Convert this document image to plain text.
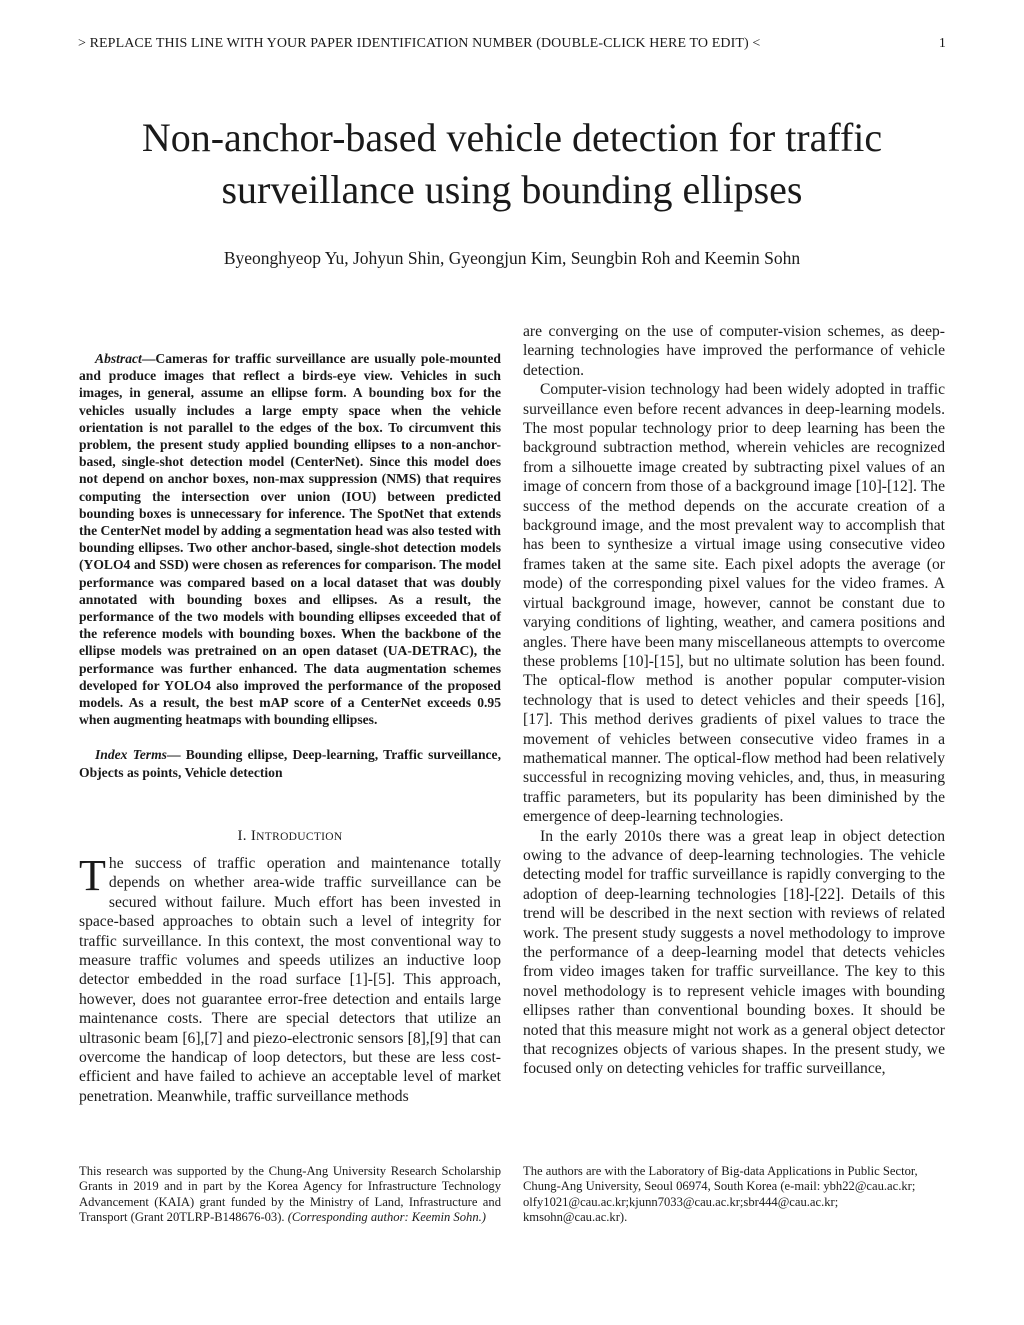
> REPLACE THIS LINE WITH YOUR PAPER IDENTIFICATION NUMBER (DOUBLE-CLICK HERE TO EDIT) <	1
Non-anchor-based vehicle detection for traffic
surveillance using bounding ellipses
Byeonghyeop Yu, Johyun Shin, Gyeongjun Kim, Seungbin Roh and Keemin Sohn

Abstract—Cameras for traffic surveillance are usually pole-mounted and produce images that reflect a birds-eye view. Vehicles in such images, in general, assume an ellipse form. A bounding box for the vehicles usually includes a large empty space when the vehicle orientation is not parallel to the edges of the box. To circumvent this problem, the present study applied bounding ellipses to a non-anchor-based, single-shot detection model (CenterNet). Since this model does not depend on anchor boxes, non-max suppression (NMS) that requires computing the intersection over union (IOU) between predicted bounding boxes is unnecessary for inference. The SpotNet that extends the CenterNet model by adding a segmentation head was also tested with bounding ellipses. Two other anchor-based, single-shot detection models (YOLO4 and SSD) were chosen as references for comparison. The model performance was compared based on a local dataset that was doubly annotated with bounding boxes and ellipses. As a result, the performance of the two models with bounding ellipses exceeded that of the reference models with bounding boxes. When the backbone of the ellipse models was pretrained on an open dataset (UA-DETRAC), the performance was further enhanced. The data augmentation schemes developed for YOLO4 also improved the performance of the proposed models. As a result, the best mAP score of a CenterNet exceeds 0.95 when augmenting heatmaps with bounding ellipses.

Index Terms— Bounding ellipse, Deep-learning, Traffic surveillance, Objects as points, Vehicle detection

I. INTRODUCTION

The success of traffic operation and maintenance totally depends on whether area-wide traffic surveillance can be secured without failure. Much effort has been invested in space-based approaches to obtain such a level of integrity for traffic surveillance. In this context, the most conventional way to measure traffic volumes and speeds utilizes an inductive loop detector embedded in the road surface [1]-[5]. This approach, however, does not guarantee error-free detection and entails large maintenance costs. There are special detectors that utilize an ultrasonic beam [6],[7] and piezo-electronic sensors [8],[9] that can overcome the handicap of loop detectors, but these are less cost-efficient and have failed to achieve an acceptable level of market penetration. Meanwhile, traffic surveillance methods

are converging on the use of computer-vision schemes, as deep-learning technologies have improved the performance of vehicle detection.

Computer-vision technology had been widely adopted in traffic surveillance even before recent advances in deep-learning models. The most popular technology prior to deep learning has been the background subtraction method, wherein vehicles are recognized from a silhouette image created by subtracting pixel values of an image of concern from those of a background image [10]-[12]. The success of the method depends on the accurate creation of a background image, and the most prevalent way to accomplish that has been to synthesize a virtual image using consecutive video frames taken at the same site. Each pixel adopts the average (or mode) of the corresponding pixel values for the video frames. A virtual background image, however, cannot be constant due to varying conditions of lighting, weather, and camera positions and angles. There have been many miscellaneous attempts to overcome these problems [10]-[15], but no ultimate solution has been found. The optical-flow method is another popular computer-vision technology that is used to detect vehicles and their speeds [16],[17]. This method derives gradients of pixel values to trace the movement of vehicles between consecutive video frames in a mathematical manner. The optical-flow method had been relatively successful in recognizing moving vehicles, and, thus, in measuring traffic parameters, but its popularity has been diminished by the emergence of deep-learning technologies.

In the early 2010s there was a great leap in object detection owing to the advance of deep-learning technologies. The vehicle detecting model for traffic surveillance is rapidly converging to the adoption of deep-learning technologies [18]-[22]. Details of this trend will be described in the next section with reviews of related work. The present study suggests a novel methodology to improve the performance of a deep-learning model that detects vehicles from video images taken for traffic surveillance. The key to this novel methodology is to represent vehicle images with bounding ellipses rather than conventional bounding boxes. It should be noted that this measure might not work as a general object detector that recognizes objects of various shapes. In the present study, we focused only on detecting vehicles for traffic surveillance,

This research was supported by the Chung-Ang University Research Scholarship Grants in 2019 and in part by the Korea Agency for Infrastructure Technology Advancement (KAIA) grant funded by the Ministry of Land, Infrastructure and Transport (Grant 20TLRP-B148676-03). (Corresponding author: Keemin Sohn.)
The authors are with the Laboratory of Big-data Applications in Public Sector, Chung-Ang University, Seoul 06974, South Korea (e-mail: ybh22@cau.ac.kr; olfy1021@cau.ac.kr;kjunn7033@cau.ac.kr;sbr444@cau.ac.kr; kmsohn@cau.ac.kr).
